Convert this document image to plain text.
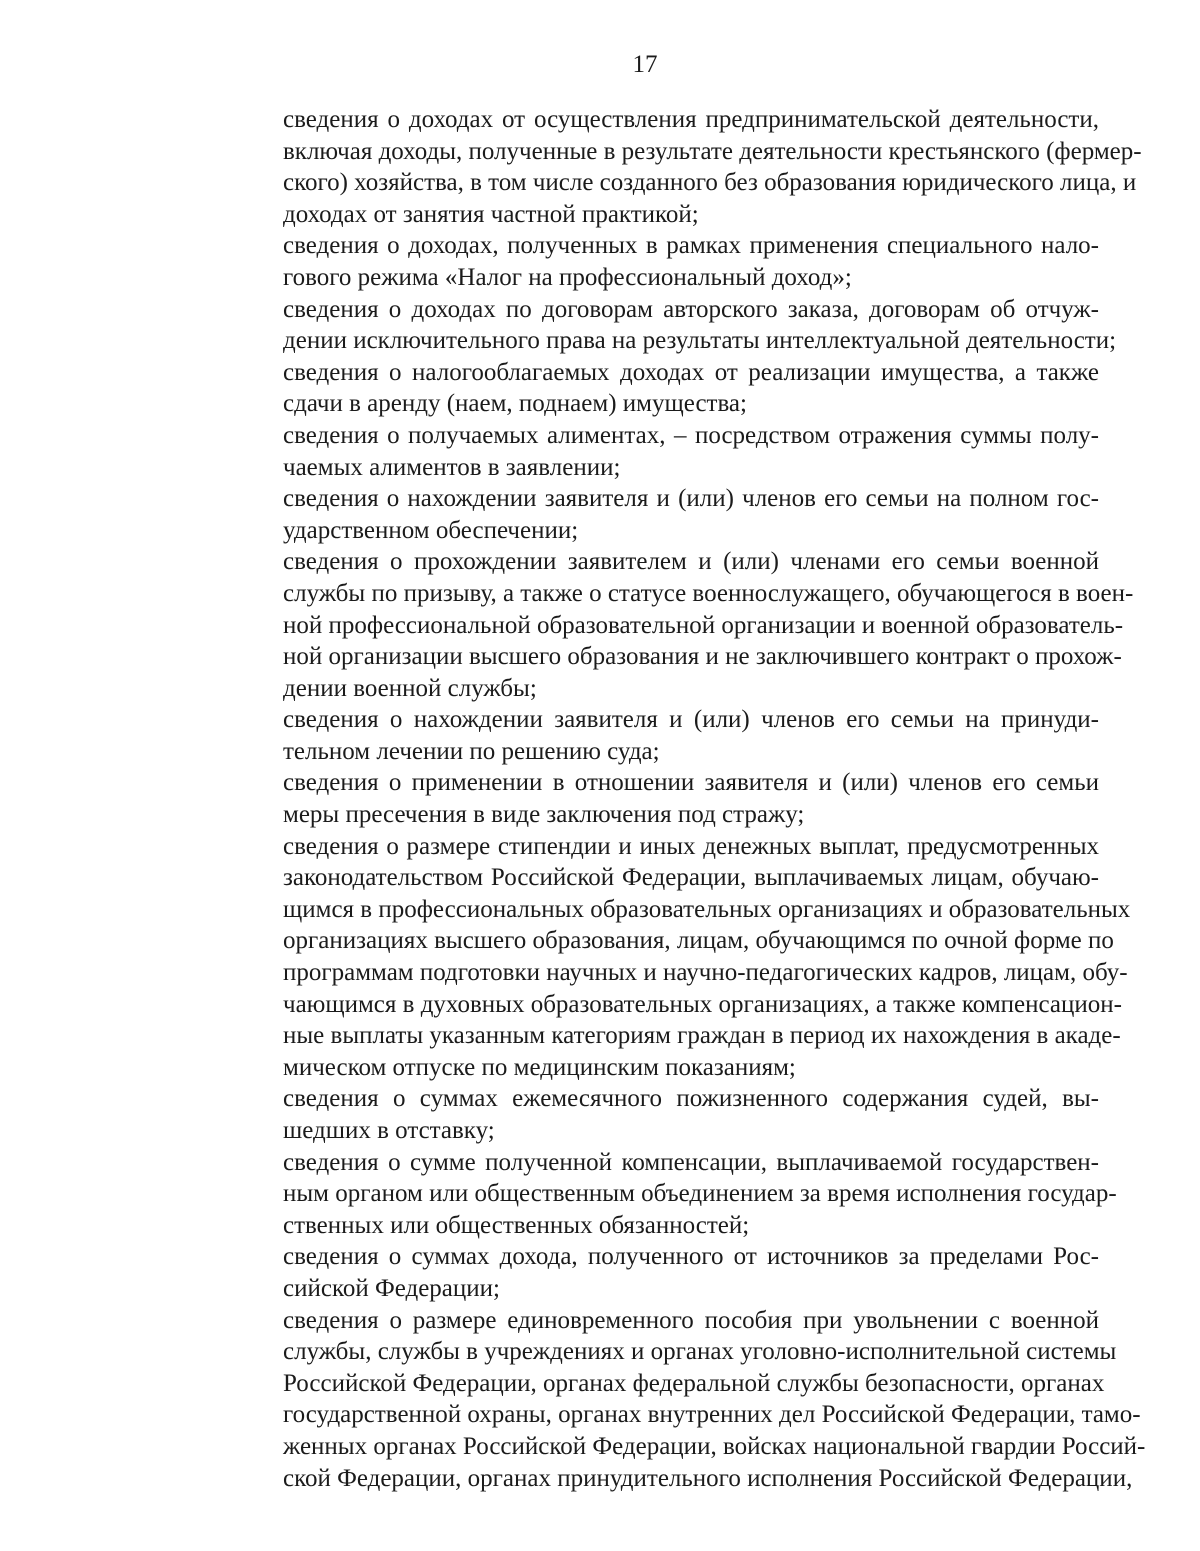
17
сведения о доходах от осуществления предпринимательской деятельности,
включая доходы, полученные в результате деятельности крестьянского (фермер-
ского) хозяйства, в том числе созданного без образования юридического лица, и
доходах от занятия частной практикой;
сведения о доходах, полученных в рамках применения специального нало-
гового режима «Налог на профессиональный доход»;
сведения о доходах по договорам авторского заказа, договорам об отчуж-
дении исключительного права на результаты интеллектуальной деятельности;
сведения о налогооблагаемых доходах от реализации имущества, а также
сдачи в аренду (наем, поднаем) имущества;
сведения о получаемых алиментах, – посредством отражения суммы полу-
чаемых алиментов в заявлении;
сведения о нахождении заявителя и (или) членов его семьи на полном гос-
ударственном обеспечении;
сведения о прохождении заявителем и (или) членами его семьи военной
службы по призыву, а также о статусе военнослужащего, обучающегося в воен-
ной профессиональной образовательной организации и военной образователь-
ной организации высшего образования и не заключившего контракт о прохож-
дении военной службы;
сведения о нахождении заявителя и (или) членов его семьи на принуди-
тельном лечении по решению суда;
сведения о применении в отношении заявителя и (или) членов его семьи
меры пресечения в виде заключения под стражу;
сведения о размере стипендии и иных денежных выплат, предусмотренных
законодательством Российской Федерации, выплачиваемых лицам, обучаю-
щимся в профессиональных образовательных организациях и образовательных
организациях высшего образования, лицам, обучающимся по очной форме по
программам подготовки научных и научно-педагогических кадров, лицам, обу-
чающимся в духовных образовательных организациях, а также компенсацион-
ные выплаты указанным категориям граждан в период их нахождения в акаде-
мическом отпуске по медицинским показаниям;
сведения о суммах ежемесячного пожизненного содержания судей, вы-
шедших в отставку;
сведения о сумме полученной компенсации, выплачиваемой государствен-
ным органом или общественным объединением за время исполнения государ-
ственных или общественных обязанностей;
сведения о суммах дохода, полученного от источников за пределами Рос-
сийской Федерации;
сведения о размере единовременного пособия при увольнении с военной
службы, службы в учреждениях и органах уголовно-исполнительной системы
Российской Федерации, органах федеральной службы безопасности, органах
государственной охраны, органах внутренних дел Российской Федерации, тамо-
женных органах Российской Федерации, войсках национальной гвардии Россий-
ской Федерации, органах принудительного исполнения Российской Федерации,
